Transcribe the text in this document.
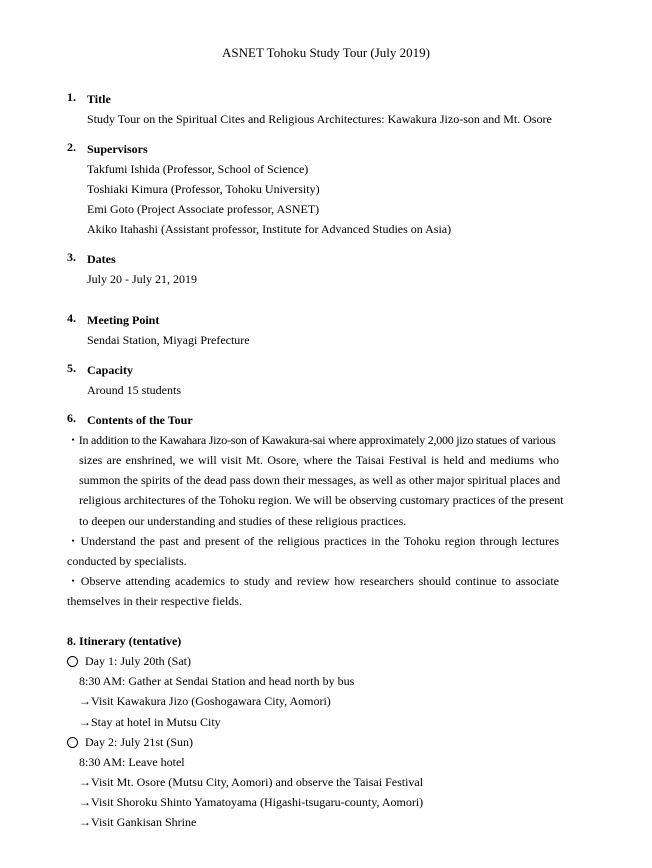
ASNET Tohoku Study Tour (July 2019)
1. Title
Study Tour on the Spiritual Cites and Religious Architectures: Kawakura Jizo-son and Mt. Osore
2. Supervisors
Takfumi Ishida (Professor, School of Science)
Toshiaki Kimura (Professor, Tohoku University)
Emi Goto (Project Associate professor, ASNET)
Akiko Itahashi (Assistant professor, Institute for Advanced Studies on Asia)
3. Dates
July 20 - July 21, 2019
4. Meeting Point
Sendai Station, Miyagi Prefecture
5. Capacity
Around 15 students
6. Contents of the Tour
・In addition to the Kawahara Jizo-son of Kawakura-sai where approximately 2,000 jizo statues of various
sizes are enshrined, we will visit Mt. Osore, where the Taisai Festival is held and mediums who
summon the spirits of the dead pass down their messages, as well as other major spiritual places and
religious architectures of the Tohoku region. We will be observing customary practices of the present
to deepen our understanding and studies of these religious practices.
・Understand the past and present of the religious practices in the Tohoku region through lectures
conducted by specialists.
・Observe attending academics to study and review how researchers should continue to associate
themselves in their respective fields.
8. Itinerary (tentative)
Day 1: July 20th (Sat)
8:30 AM: Gather at Sendai Station and head north by bus
→Visit Kawakura Jizo (Goshogawara City, Aomori)
→Stay at hotel in Mutsu City
Day 2: July 21st (Sun)
8:30 AM: Leave hotel
→Visit Mt. Osore (Mutsu City, Aomori) and observe the Taisai Festival
→Visit Shoroku Shinto Yamatoyama (Higashi-tsugaru-county, Aomori)
→Visit Gankisan Shrine
